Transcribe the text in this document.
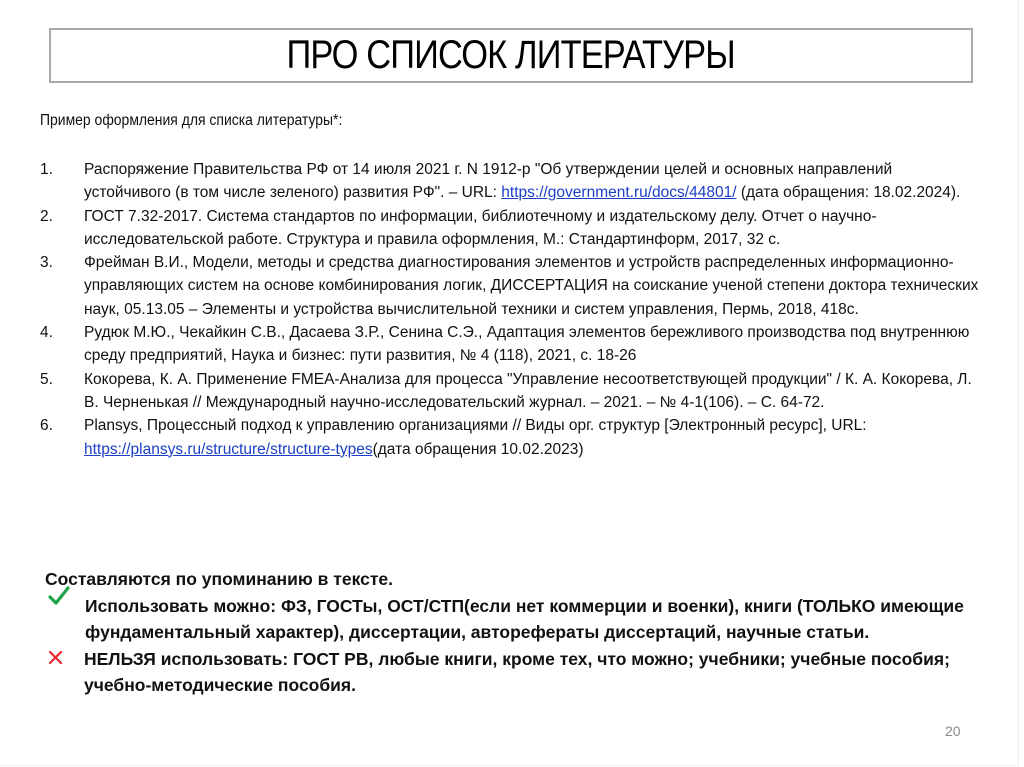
ПРО СПИСОК ЛИТЕРАТУРЫ
Пример оформления для списка литературы*:
1.	Распоряжение Правительства РФ от 14 июля 2021 г. N 1912-р "Об утверждении целей и основных направлений устойчивого (в том числе зеленого) развития РФ". – URL: https://government.ru/docs/44801/ (дата обращения: 18.02.2024).
2.	ГОСТ 7.32-2017. Система стандартов по информации, библиотечному и издательскому делу. Отчет о научно-исследовательской работе. Структура и правила оформления, М.: Стандартинформ, 2017, 32 с.
3.	Фрейман В.И., Модели, методы и средства диагностирования элементов и устройств распределенных информационно-управляющих систем на основе комбинирования логик, ДИССЕРТАЦИЯ на соискание ученой степени доктора технических наук, 05.13.05 – Элементы и устройства вычислительной техники и систем управления, Пермь, 2018, 418с.
4.	Рудюк М.Ю., Чекайкин С.В., Дасаева З.Р., Сенина С.Э., Адаптация элементов бережливого производства под внутреннюю среду предприятий, Наука и бизнес: пути развития, № 4 (118), 2021, с. 18-26
5.	Кокорева, К. А. Применение FMEA-Анализа для процесса "Управление несоответствующей продукции" / К. А. Кокорева, Л. В. Черненькая // Международный научно-исследовательский журнал. – 2021. – № 4-1(106). – С. 64-72.
6.	Plansys, Процессный подход к управлению организациями // Виды орг. структур [Электронный ресурс], URL: https://plansys.ru/structure/structure-types(дата обращения 10.02.2023)
Составляются по упоминанию в тексте.
Использовать можно: ФЗ, ГОСТы, ОСТ/СТП(если нет коммерции и военки), книги (ТОЛЬКО имеющие фундаментальный характер), диссертации, авторефераты диссертаций, научные статьи.
НЕЛЬЗЯ использовать: ГОСТ РВ, любые книги, кроме тех, что можно; учебники; учебные пособия; учебно-методические пособия.
20
